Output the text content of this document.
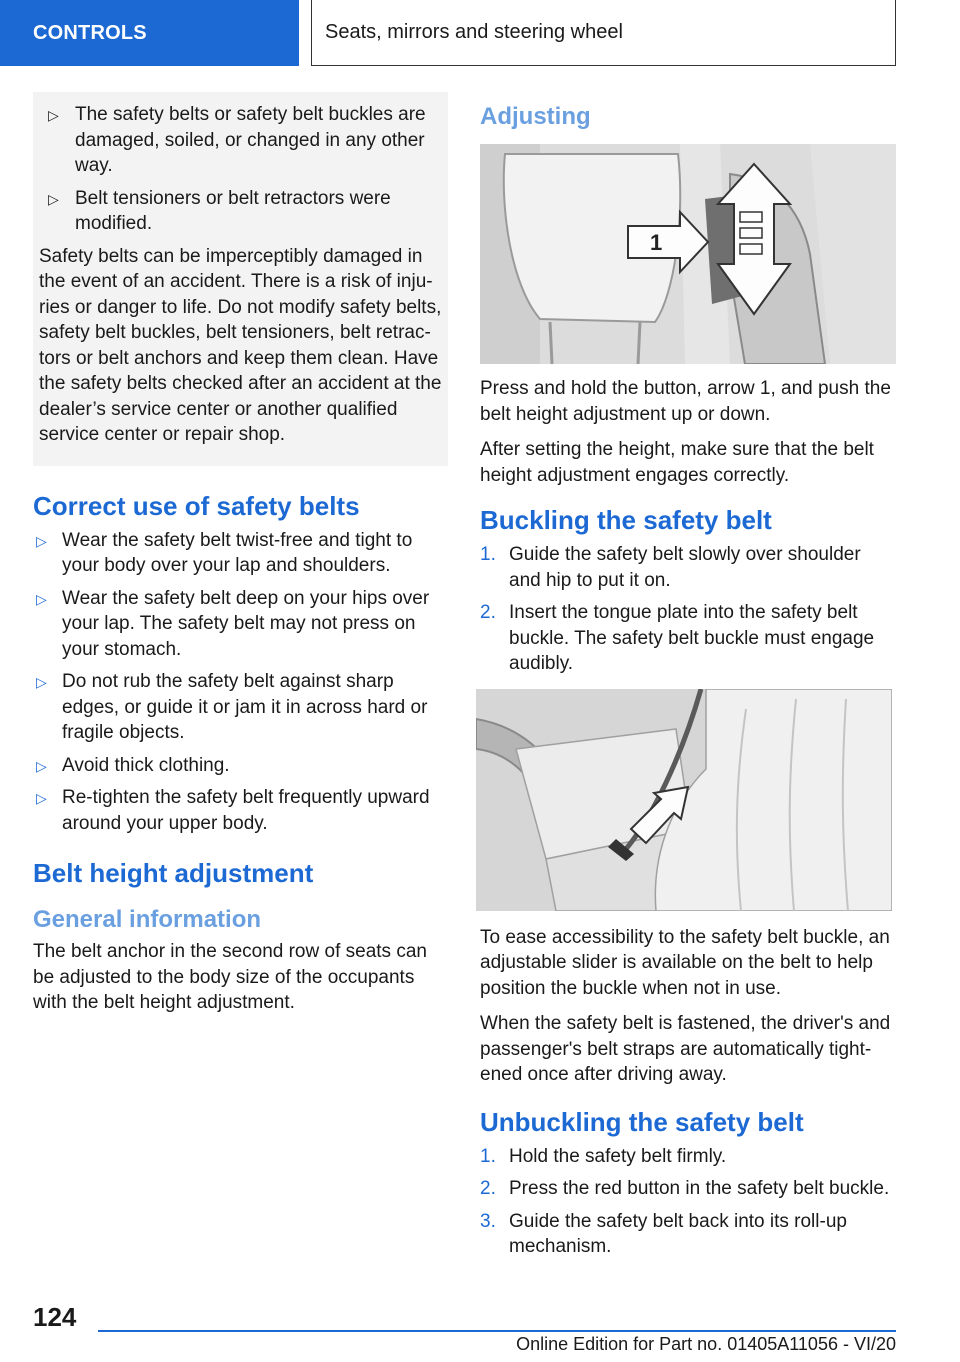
CONTROLS	Seats, mirrors and steering wheel
▷ The safety belts or safety belt buckles are damaged, soiled, or changed in any other way.
▷ Belt tensioners or belt retractors were modified.

Safety belts can be imperceptibly damaged in the event of an accident. There is a risk of injuries or danger to life. Do not modify safety belts, safety belt buckles, belt tensioners, belt retractors or belt anchors and keep them clean. Have the safety belts checked after an accident at the dealer’s service center or another qualified service center or repair shop.

Correct use of safety belts
▷ Wear the safety belt twist-free and tight to your body over your lap and shoulders.
▷ Wear the safety belt deep on your hips over your lap. The safety belt may not press on your stomach.
▷ Do not rub the safety belt against sharp edges, or guide it or jam it in across hard or fragile objects.
▷ Avoid thick clothing.
▷ Re-tighten the safety belt frequently upward around your upper body.
Belt height adjustment
General information

The belt anchor in the second row of seats can be adjusted to the body size of the occupants with the belt height adjustment.

Adjusting
1

Press and hold the button, arrow 1, and push the belt height adjustment up or down.

After setting the height, make sure that the belt height adjustment engages correctly.

Buckling the safety belt
1. Guide the safety belt slowly over shoulder and hip to put it on.
2. Insert the tongue plate into the safety belt buckle. The safety belt buckle must engage audibly.

To ease accessibility to the safety belt buckle, an adjustable slider is available on the belt to help position the buckle when not in use.

When the safety belt is fastened, the driver's and passenger's belt straps are automatically tightened once after driving away.

Unbuckling the safety belt
1. Hold the safety belt firmly.
2. Press the red button in the safety belt buckle.
3. Guide the safety belt back into its roll-up mechanism.
124
Online Edition for Part no. 01405A11056 - VI/20
